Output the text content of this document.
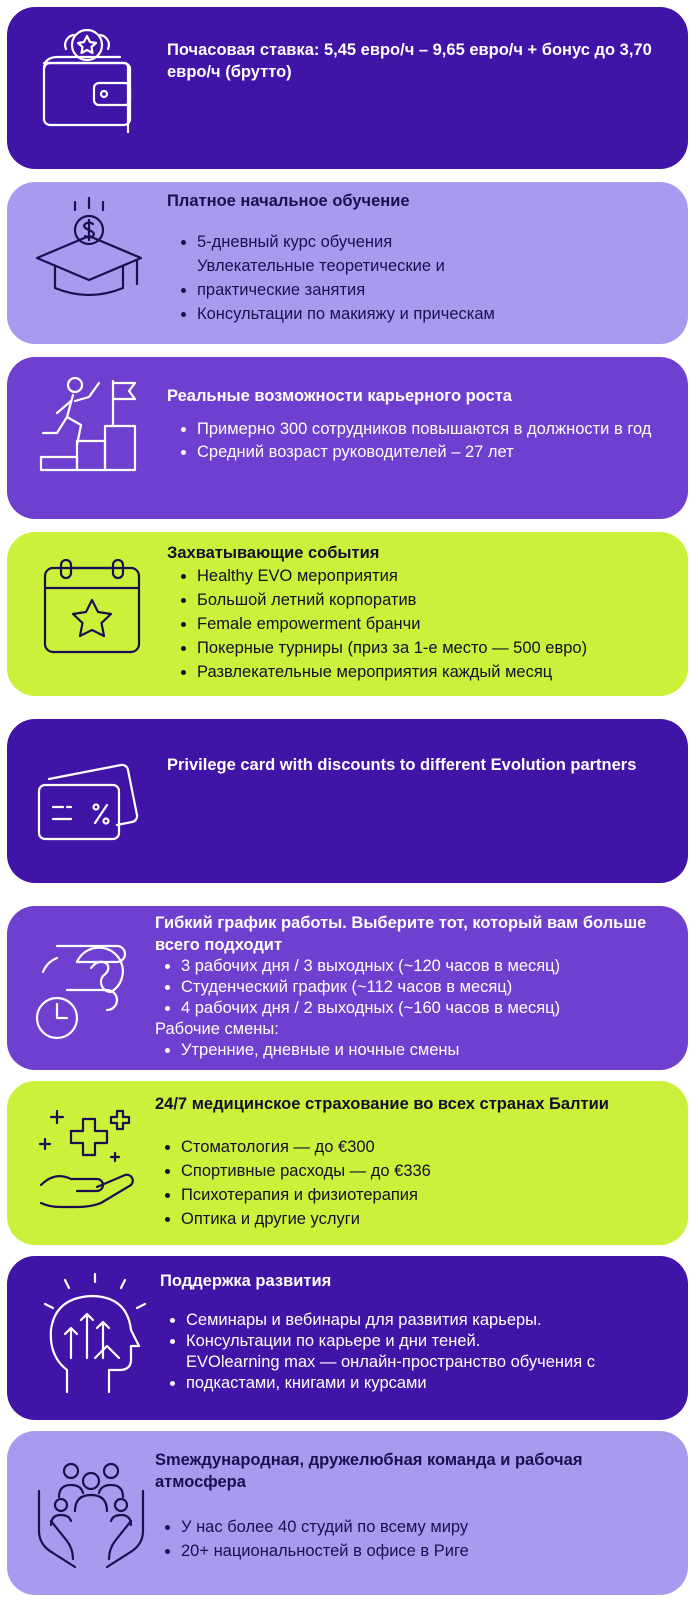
Почасовая ставка: 5,45 евро/ч – 9,65 евро/ч + бонус до 3,70 евро/ч (брутто)

Платное начальное обучение

• 5-дневный курс обучения
• Увлекательные теоретические и практические занятия
• Консультации по макияжу и прическам

Реальные возможности карьерного роста

• Примерно 300 сотрудников повышаются в должности в год
• Средний возраст руководителей – 27 лет

Захватывающие события

• Healthy EVO мероприятия
• Большой летний корпоратив
• Female empowerment бранчи
• Покерные турниры (приз за 1-е место — 500 евро)
• Развлекательные мероприятия каждый месяц

Privilege card with discounts to different Evolution partners

Гибкий график работы. Выберите тот, который вам больше всего подходит

• 3 рабочих дня / 3 выходных (~120 часов в месяц)
• Студенческий график (~112 часов в месяц)
• 4 рабочих дня / 2 выходных (~160 часов в месяц)

Рабочие смены:

• Утренние, дневные и ночные смены

24/7 медицинское страхование во всех странах Балтии

• Стоматология — до €300
• Спортивные расходы — до €336
• Психотерапия и физиотерапия
• Оптика и другие услуги

Поддержка развития

• Семинары и вебинары для развития карьеры.
• Консультации по карьере и дни теней.
• EVOlearning max — онлайн-пространство обучения с подкастами, книгами и курсами

Smеждународная, дружелюбная команда и рабочая атмосфера

• У нас более 40 студий по всему миру
• 20+ национальностей в офисе в Риге
